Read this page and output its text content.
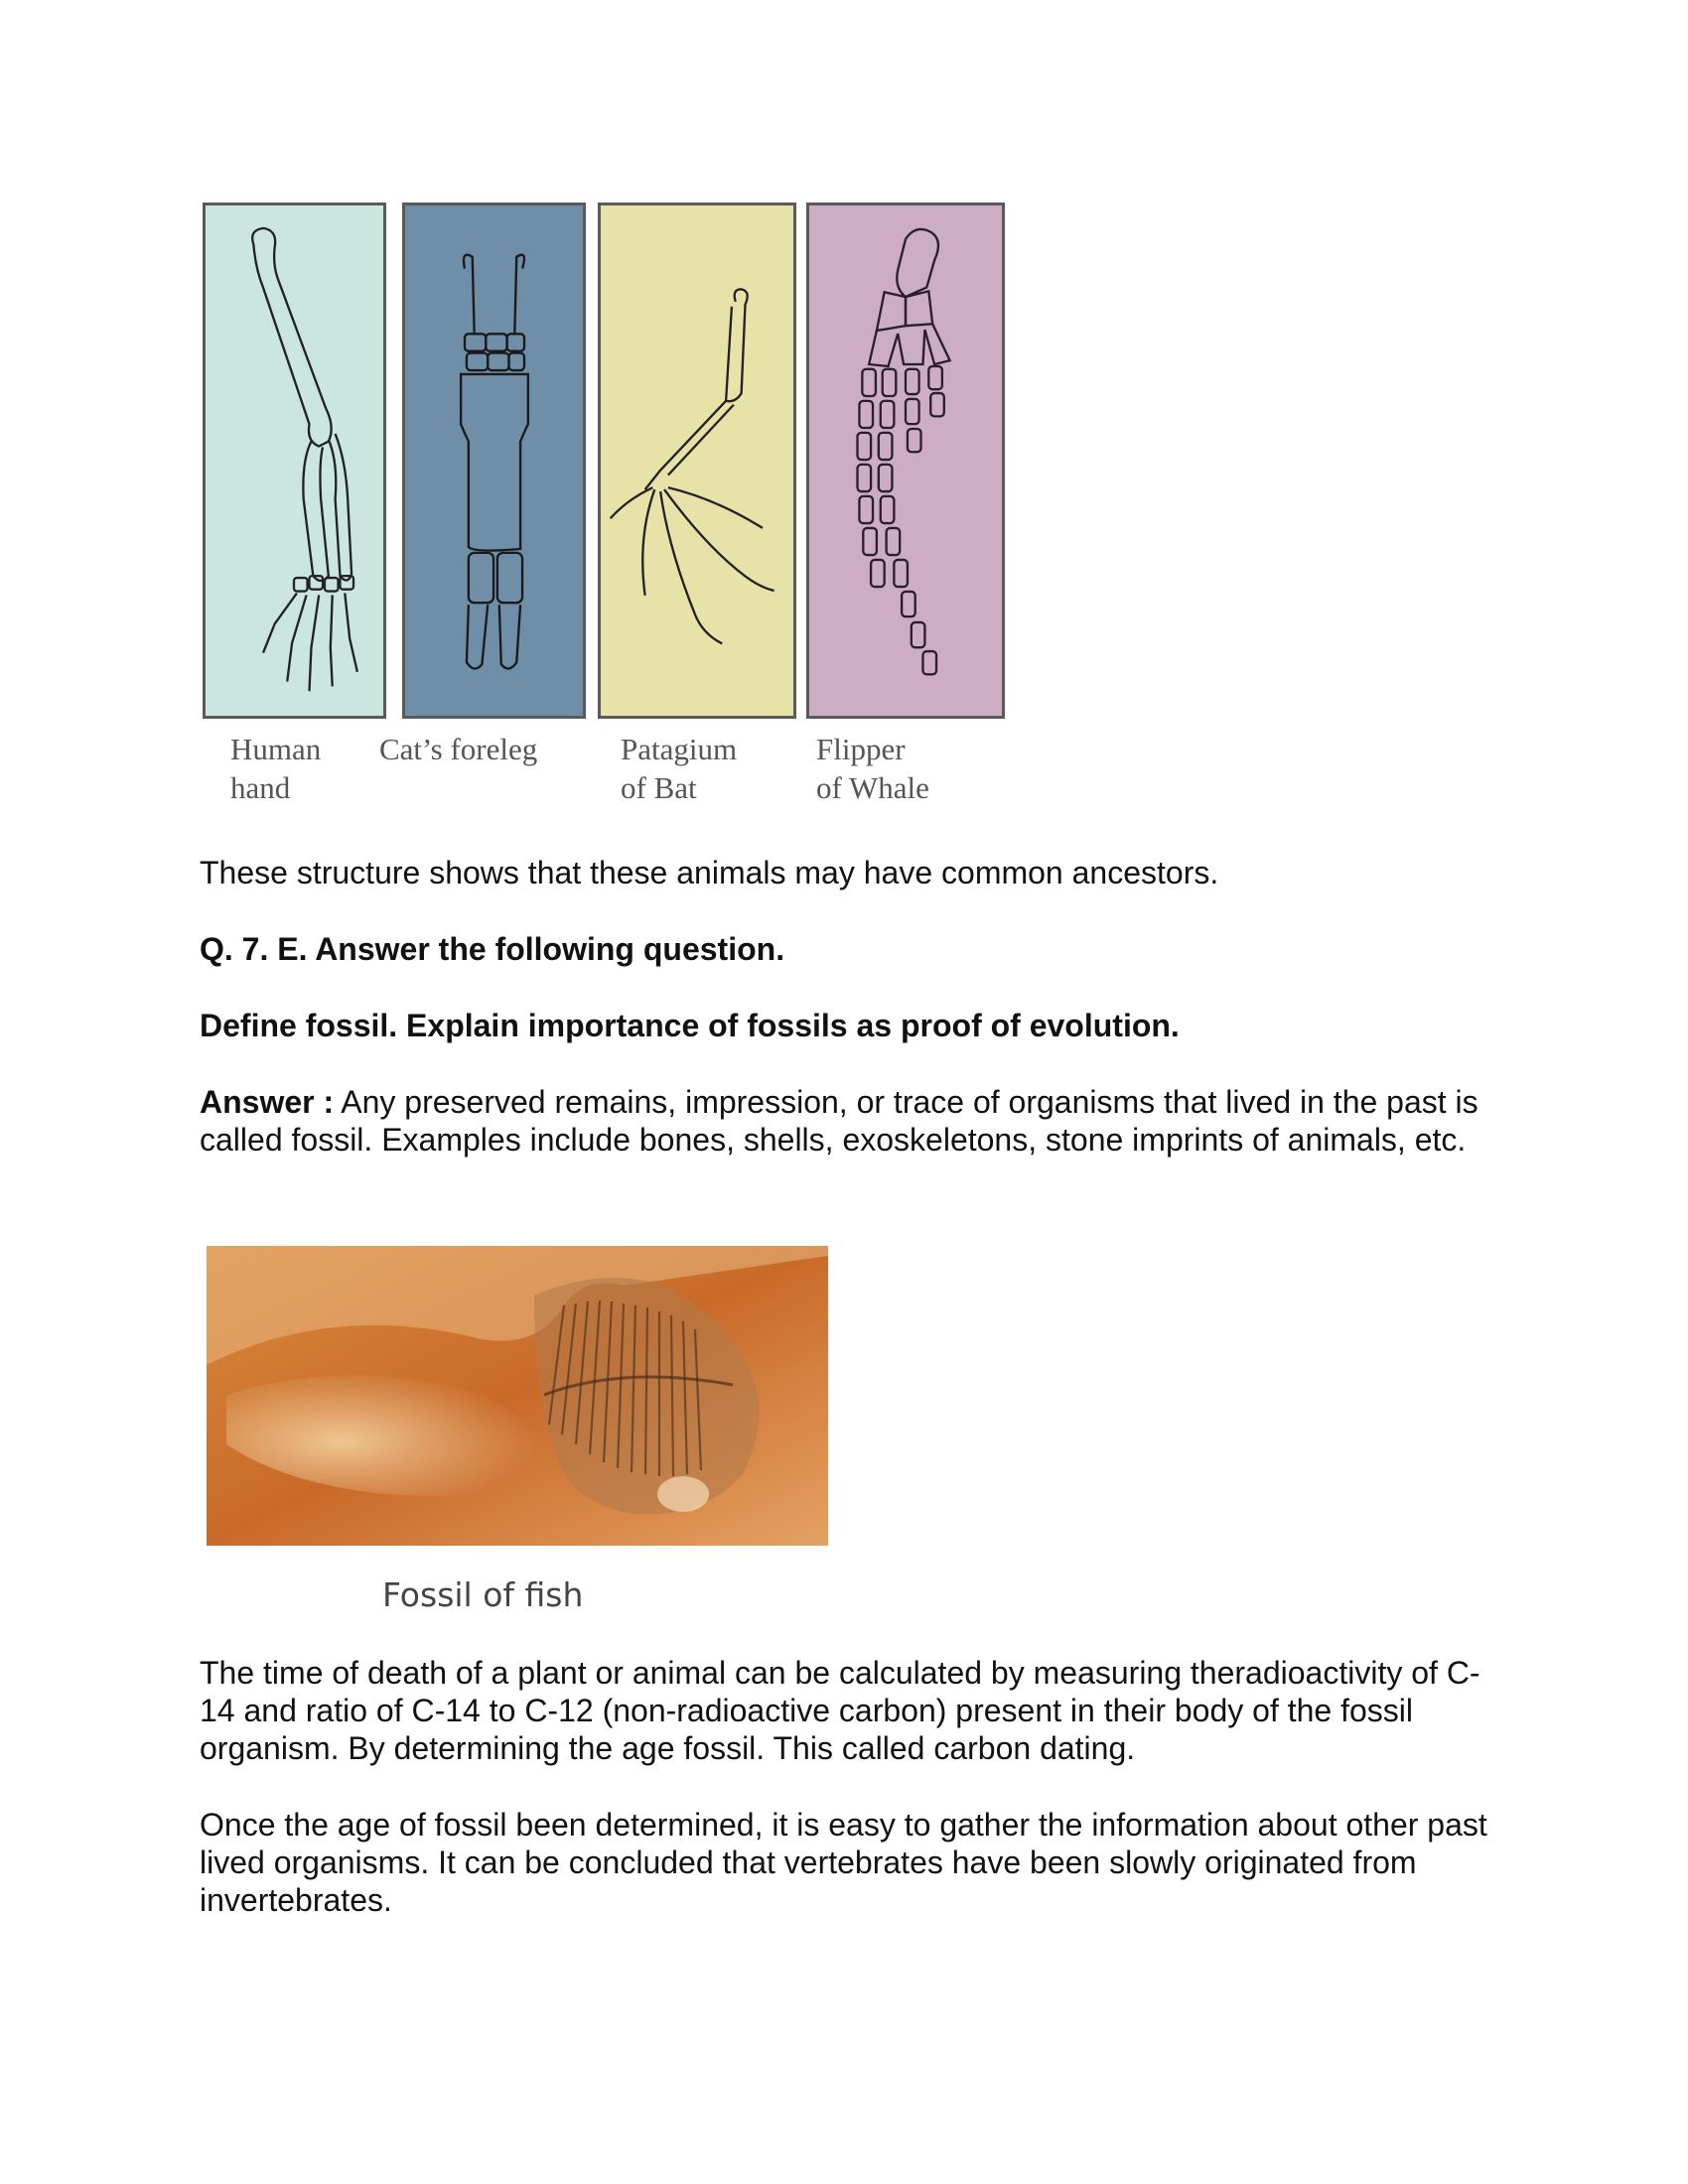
Human
hand
Cat’s foreleg	Patagium
of Bat
Flipper
of Whale

These structure shows that these animals may have common ancestors.

Q. 7. E. Answer the following question.

Define fossil. Explain importance of fossils as proof of evolution.

Answer : Any preserved remains, impression, or trace of organisms that lived in the past is called fossil. Examples include bones, shells, exoskeletons, stone imprints of animals, etc.

Fossil of fish

The time of death of a plant or animal can be calculated by measuring theradioactivity of C-14 and ratio of C-14 to C-12 (non-radioactive carbon) present in their body of the fossil organism. By determining the age fossil. This called carbon dating.

Once the age of fossil been determined, it is easy to gather the information about other past lived organisms. It can be concluded that vertebrates have been slowly originated from invertebrates.
